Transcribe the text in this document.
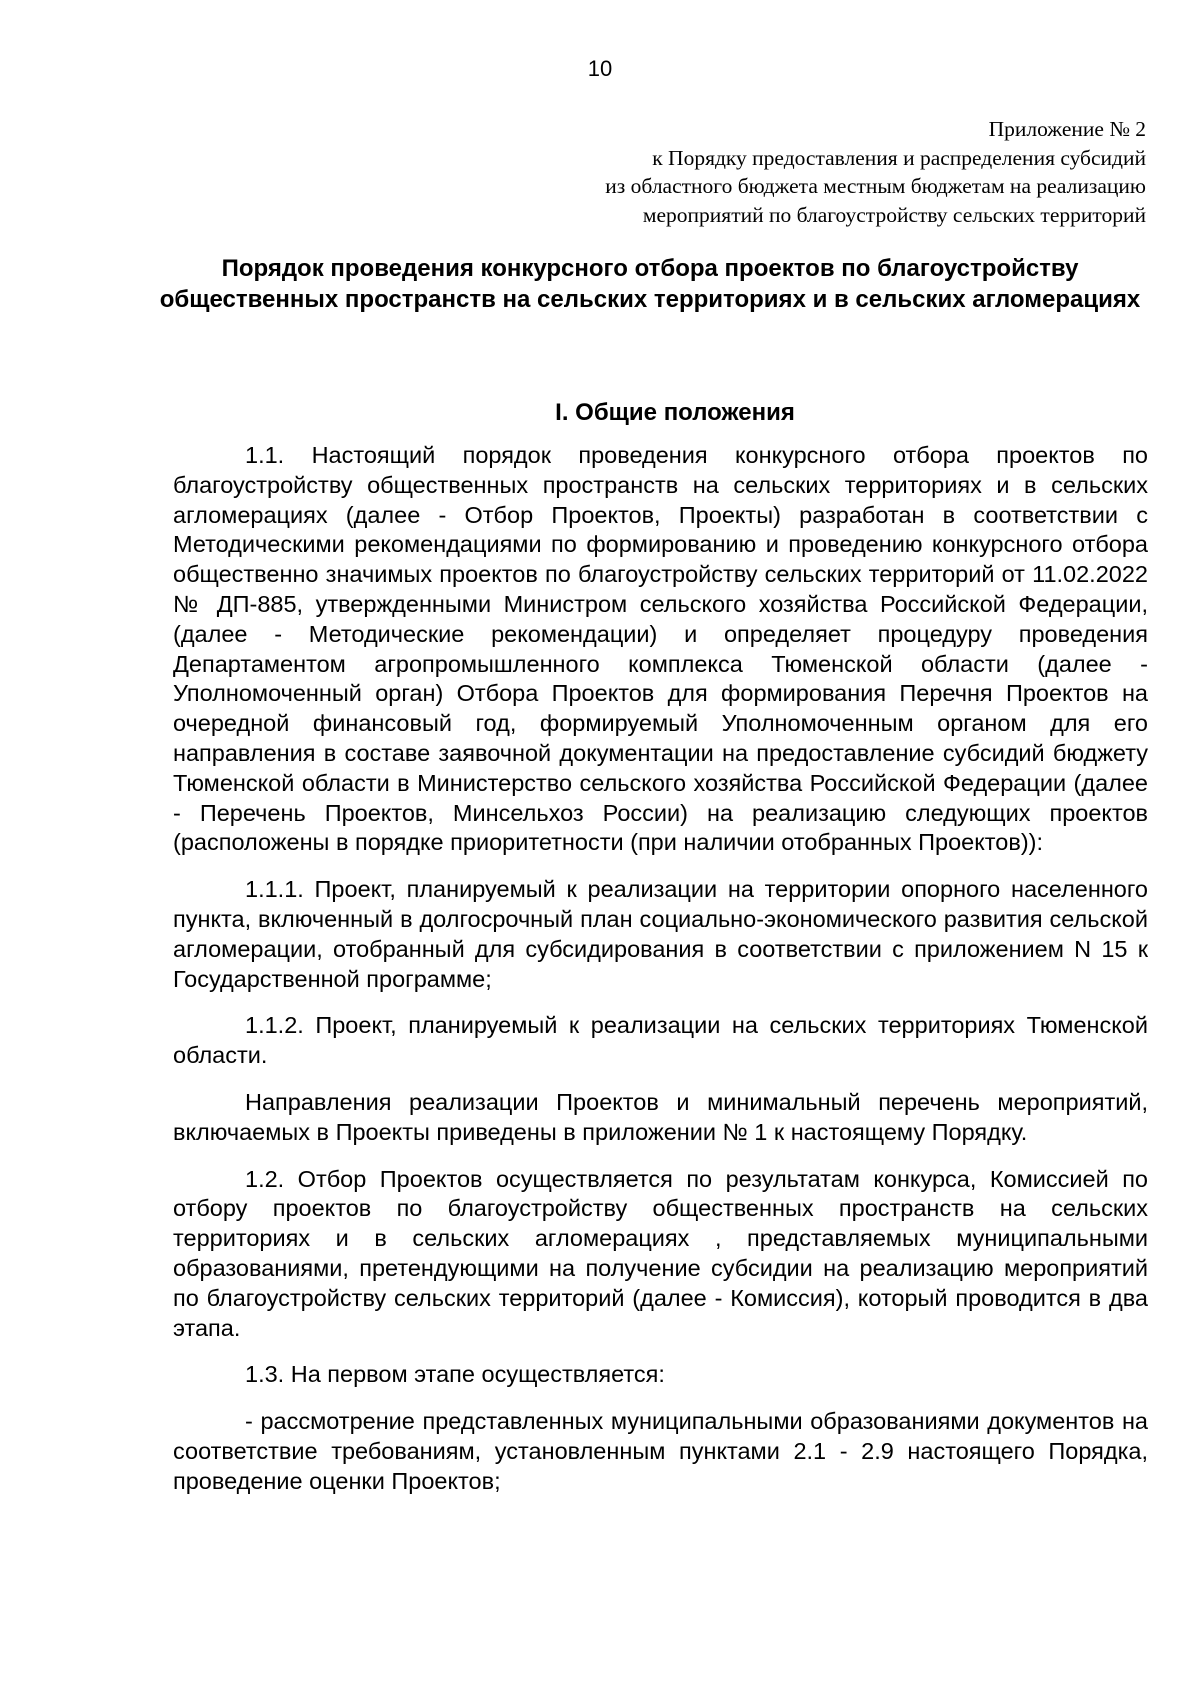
10
Приложение № 2
к Порядку предоставления и распределения субсидий
из областного бюджета местным бюджетам на реализацию
мероприятий по благоустройству сельских территорий
Порядок проведения конкурсного отбора проектов по благоустройству общественных пространств на сельских территориях и в сельских агломерациях
I. Общие положения

1.1. Настоящий порядок проведения конкурсного отбора проектов по благоустройству общественных пространств на сельских территориях и в сельских агломерациях (далее - Отбор Проектов, Проекты) разработан в соответствии с Методическими рекомендациями по формированию и проведению конкурсного отбора общественно значимых проектов по благоустройству сельских территорий от 11.02.2022 № ДП-885, утвержденными Министром сельского хозяйства Российской Федерации, (далее - Методические рекомендации) и определяет процедуру проведения Департаментом агропромышленного комплекса Тюменской области (далее - Уполномоченный орган) Отбора Проектов для формирования Перечня Проектов на очередной финансовый год, формируемый Уполномоченным органом для его направления в составе заявочной документации на предоставление субсидий бюджету Тюменской области в Министерство сельского хозяйства Российской Федерации (далее - Перечень Проектов, Минсельхоз России) на реализацию следующих проектов (расположены в порядке приоритетности (при наличии отобранных Проектов)):

1.1.1. Проект, планируемый к реализации на территории опорного населенного пункта, включенный в долгосрочный план социально-экономического развития сельской агломерации, отобранный для субсидирования в соответствии с приложением N 15 к Государственной программе;

1.1.2. Проект, планируемый к реализации на сельских территориях Тюменской области.

Направления реализации Проектов и минимальный перечень мероприятий, включаемых в Проекты приведены в приложении № 1 к настоящему Порядку.

1.2. Отбор Проектов осуществляется по результатам конкурса, Комиссией по отбору проектов по благоустройству общественных пространств на сельских территориях и в сельских агломерациях , представляемых муниципальными образованиями, претендующими на получение субсидии на реализацию мероприятий по благоустройству сельских территорий (далее - Комиссия), который проводится в два этапа.

1.3. На первом этапе осуществляется:

- рассмотрение представленных муниципальными образованиями документов на соответствие требованиям, установленным пунктами 2.1 - 2.9 настоящего Порядка, проведение оценки Проектов;
